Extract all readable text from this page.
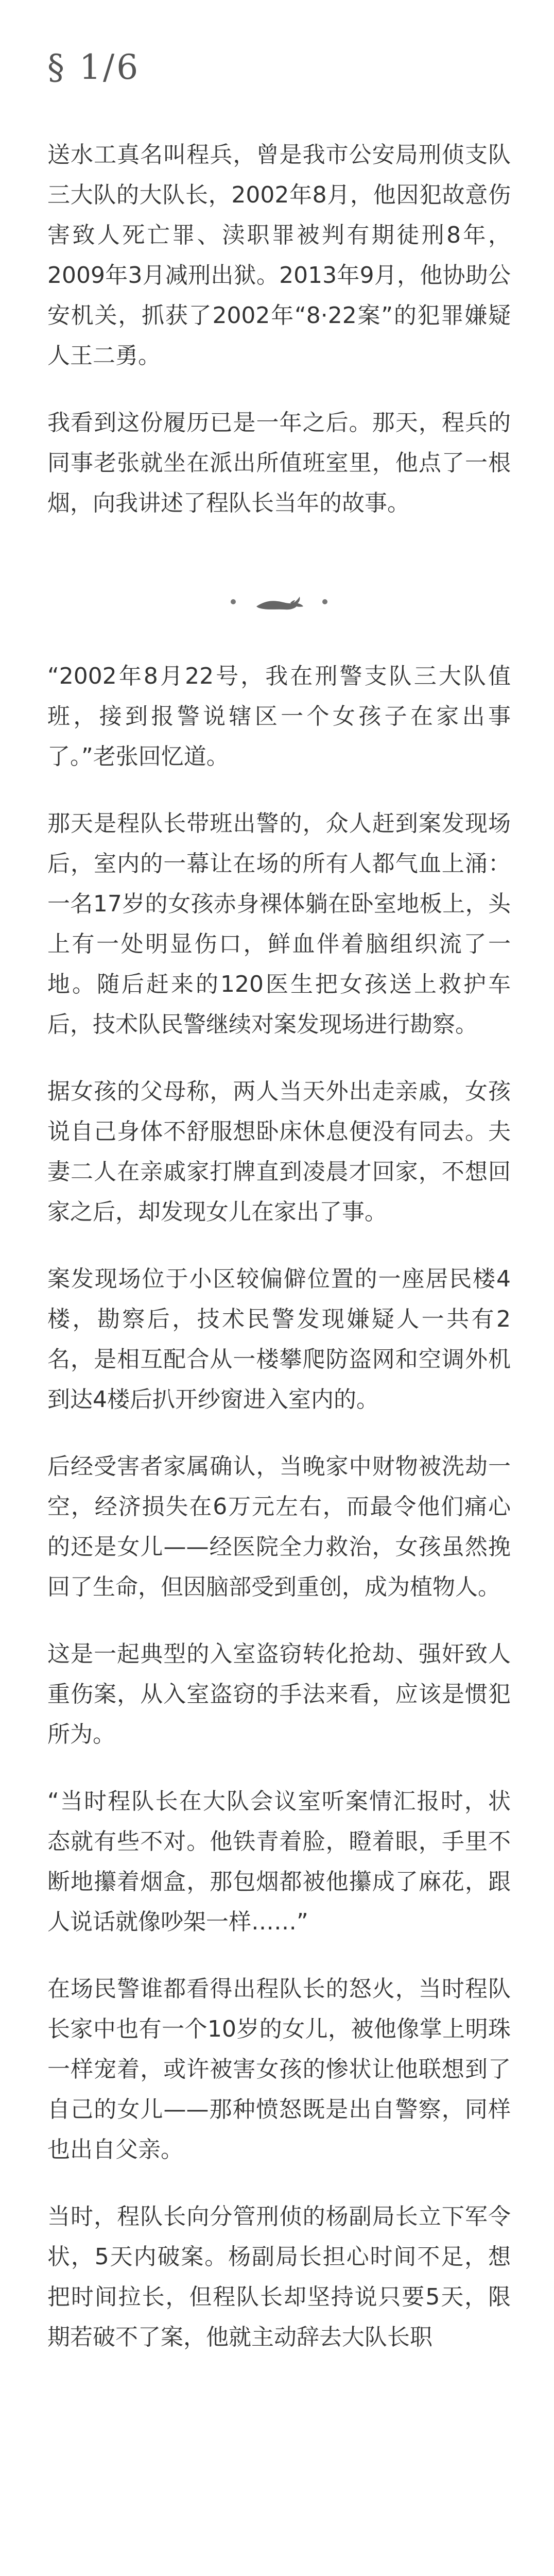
§ 1/6

送水工真名叫程兵，曾是我市公安局刑侦支队三大队的大队长，2002年8月，他因犯故意伤害致人死亡罪、渎职罪被判有期徒刑8年，2009年3月减刑出狱。2013年9月，他协助公安机关，抓获了2002年“8·22案”的犯罪嫌疑人王二勇。

我看到这份履历已是一年之后。那天，程兵的同事老张就坐在派出所值班室里，他点了一根烟，向我讲述了程队长当年的故事。

“2002年8月22号，我在刑警支队三大队值班，接到报警说辖区一个女孩子在家出事了。”老张回忆道。

那天是程队长带班出警的，众人赶到案发现场后，室内的一幕让在场的所有人都气血上涌：一名17岁的女孩赤身裸体躺在卧室地板上，头上有一处明显伤口，鲜血伴着脑组织流了一地。随后赶来的120医生把女孩送上救护车后，技术队民警继续对案发现场进行勘察。

据女孩的父母称，两人当天外出走亲戚，女孩说自己身体不舒服想卧床休息便没有同去。夫妻二人在亲戚家打牌直到凌晨才回家，不想回家之后，却发现女儿在家出了事。

案发现场位于小区较偏僻位置的一座居民楼4楼，勘察后，技术民警发现嫌疑人一共有2名，是相互配合从一楼攀爬防盗网和空调外机到达4楼后扒开纱窗进入室内的。

后经受害者家属确认，当晚家中财物被洗劫一空，经济损失在6万元左右，而最令他们痛心的还是女儿——经医院全力救治，女孩虽然挽回了生命，但因脑部受到重创，成为植物人。

这是一起典型的入室盗窃转化抢劫、强奸致人重伤案，从入室盗窃的手法来看，应该是惯犯所为。

“当时程队长在大队会议室听案情汇报时，状态就有些不对。他铁青着脸，瞪着眼，手里不断地攥着烟盒，那包烟都被他攥成了麻花，跟人说话就像吵架一样……”

在场民警谁都看得出程队长的怒火，当时程队长家中也有一个10岁的女儿，被他像掌上明珠一样宠着，或许被害女孩的惨状让他联想到了自己的女儿——那种愤怒既是出自警察，同样也出自父亲。

当时，程队长向分管刑侦的杨副局长立下军令状，5天内破案。杨副局长担心时间不足，想把时间拉长，但程队长却坚持说只要5天，限期若破不了案，他就主动辞去大队长职
